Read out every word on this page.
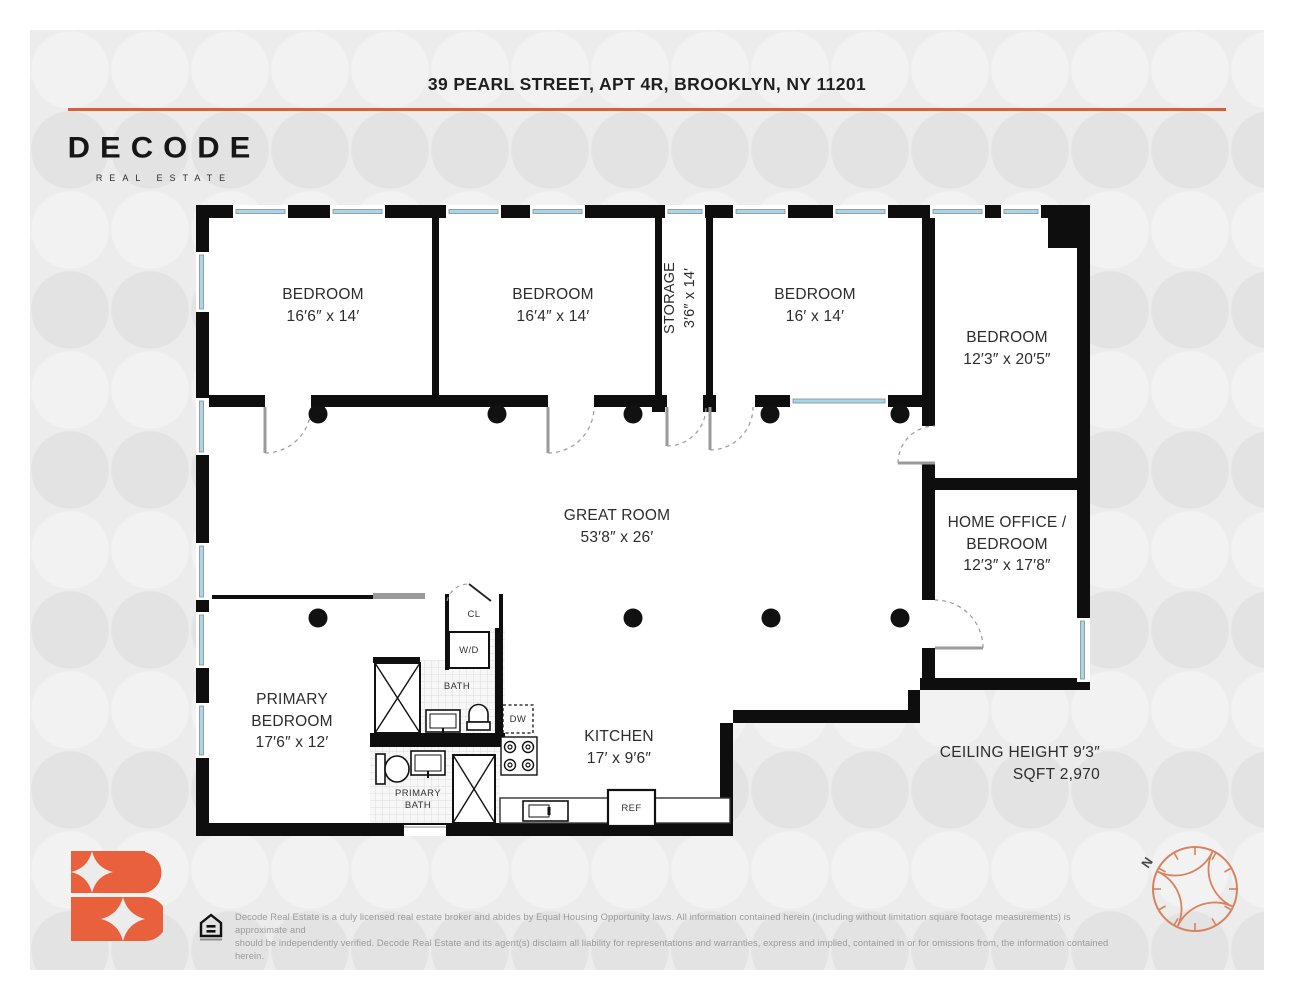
39 PEARL STREET, APT 4R, BROOKLYN, NY 11201
DECODE
REAL ESTATE
BEDROOM
16′6″ x 14′
BEDROOM
16′4″ x 14′	STORAGE 3′6″ x 14′	BEDROOM
16′ x 14′
BEDROOM
12′3″ x 20′5″
GREAT ROOM
53′8″ x 26′
HOME OFFICE /
BEDROOM
12′3″ x 17′8″
PRIMARY
BEDROOM
17′6″ x 12′	KITCHEN
17′ x 9′6″
BATH
PRIMARY
BATH
CL
W/D
DW
REF
CEILING HEIGHT 9′3″
SQFT 2,970
Decode Real Estate is a duly licensed real estate broker and abides by Equal Housing Opportunity laws. All information contained herein (including without limitation square footage measurements) is approximate and
should be independently verified. Decode Real Estate and its agent(s) disclaim all liability for representations and warranties, express and implied, contained in or for omissions from, the information contained herein.
N
